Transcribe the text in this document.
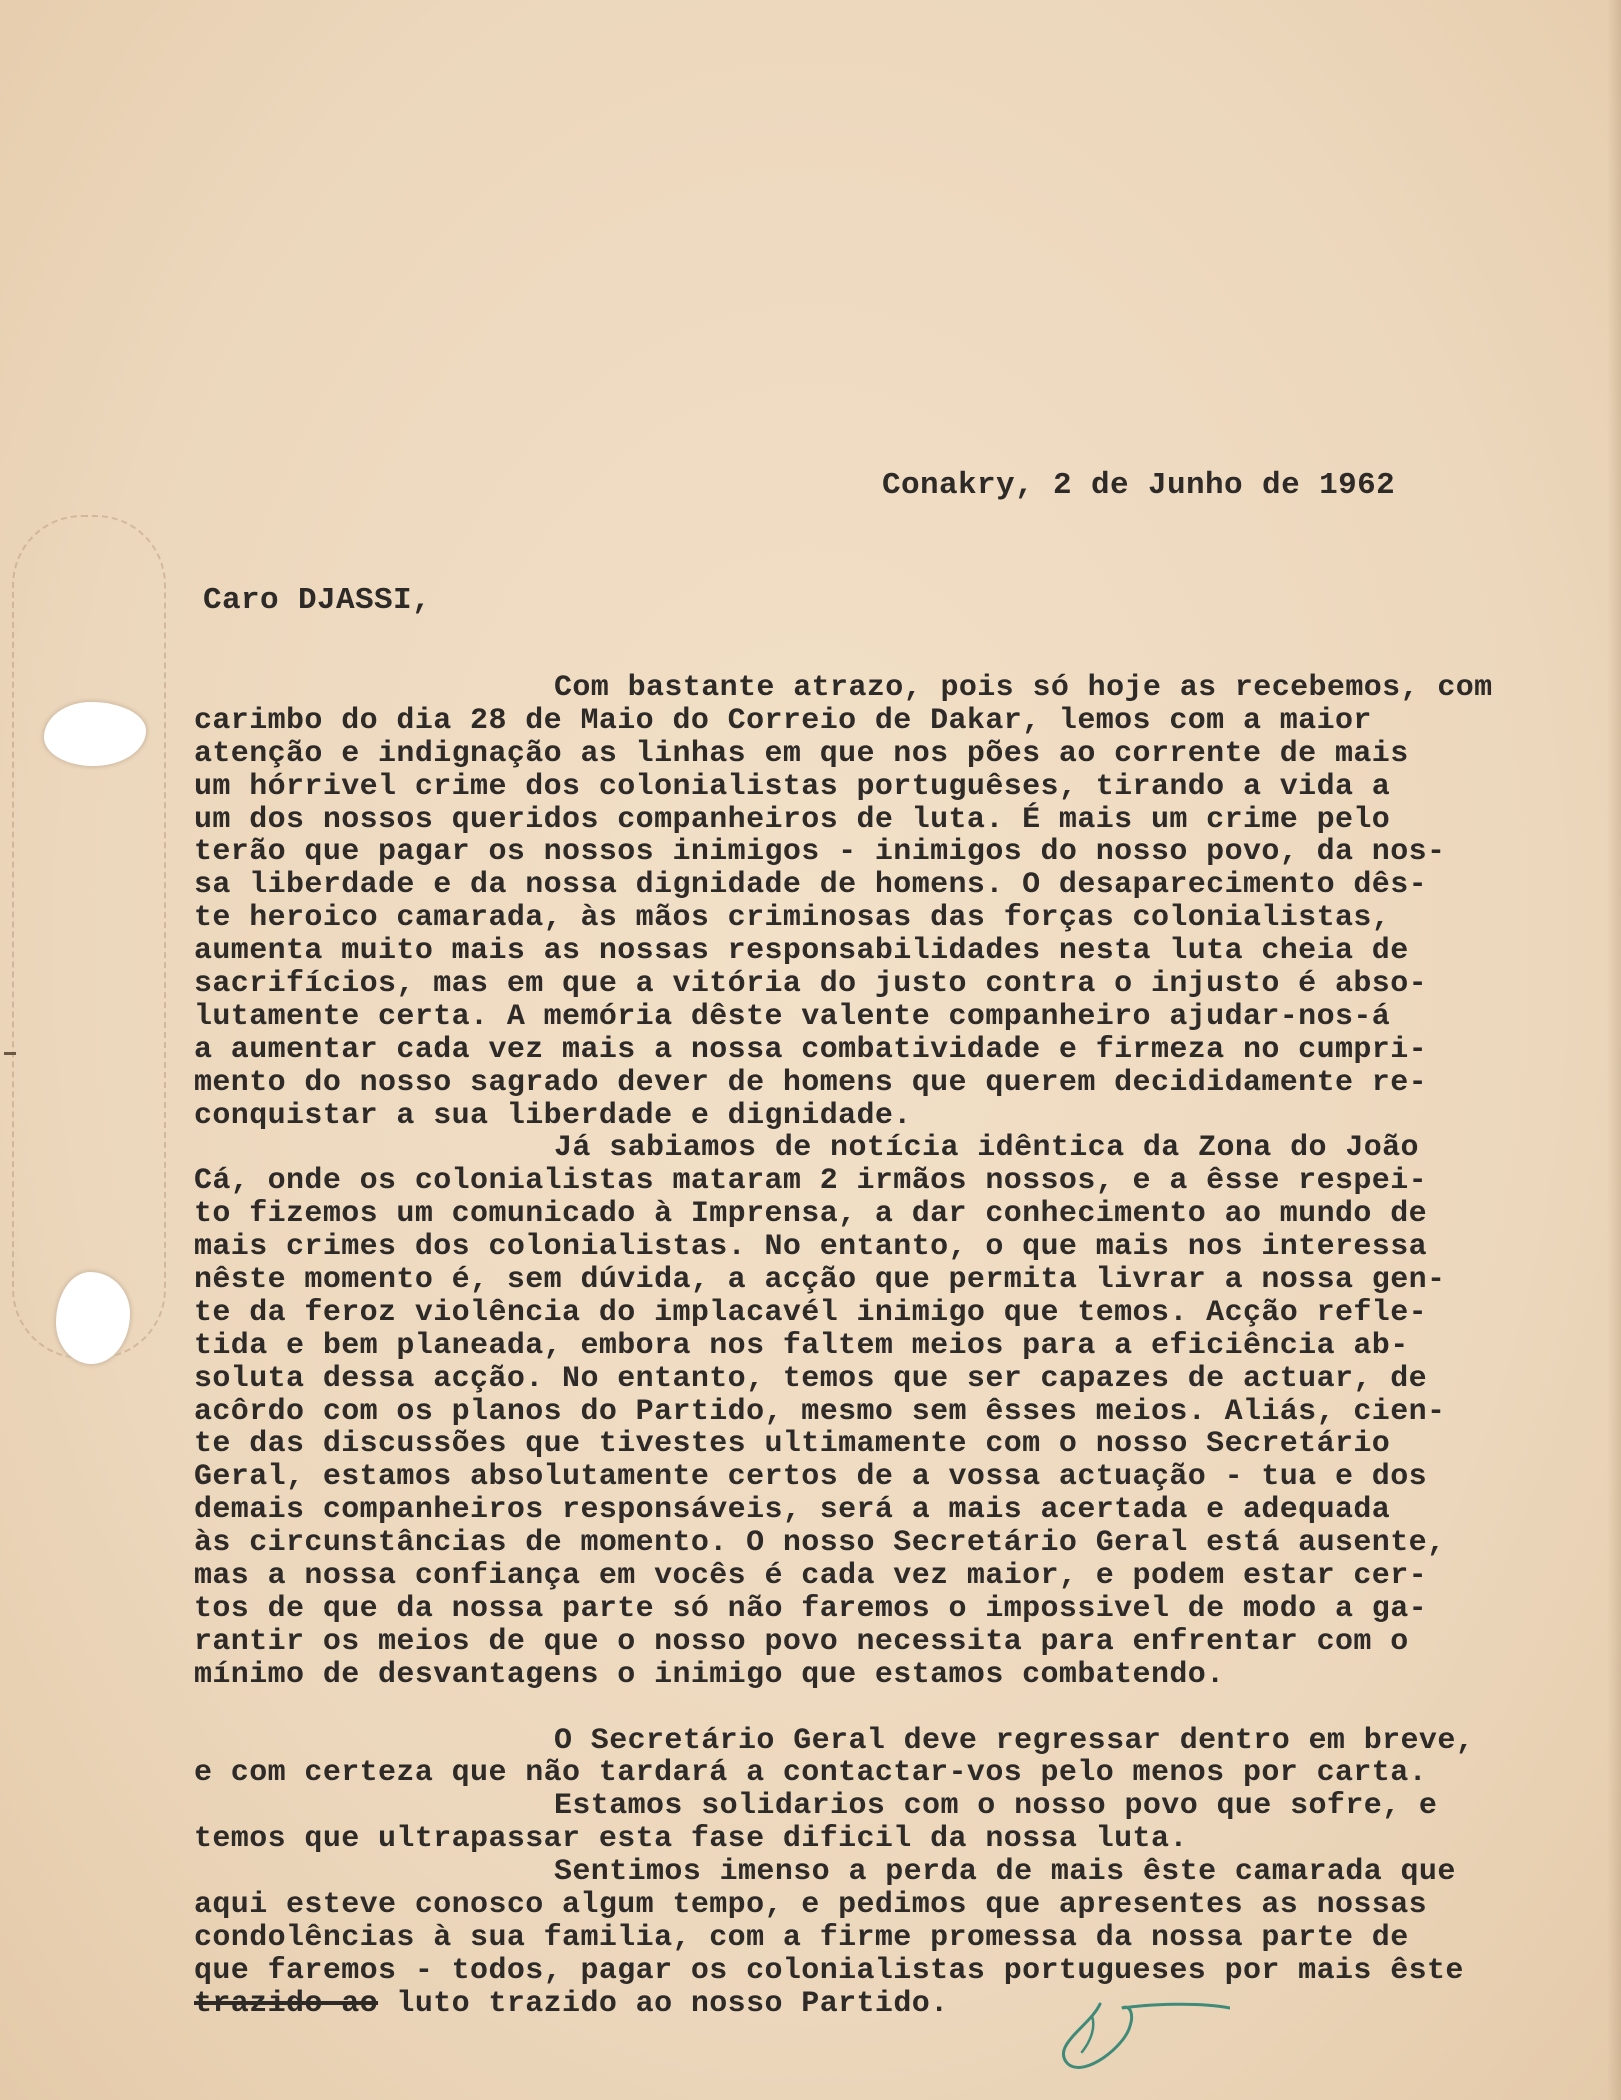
Conakry, 2 de Junho de 1962
Caro DJASSI,
Com bastante atrazo, pois só hoje as recebemos, com
carimbo do dia 28 de Maio do Correio de Dakar, lemos com a maior
atenção e indignação as linhas em que nos pões ao corrente de mais
um hórrivel crime dos colonialistas portuguêses, tirando a vida a
um dos nossos queridos companheiros de luta. É mais um crime pelo
terão que pagar os nossos inimigos - inimigos do nosso povo, da nos-
sa liberdade e da nossa dignidade de homens. O desaparecimento dês-
te heroico camarada, às mãos criminosas das forças colonialistas,
aumenta muito mais as nossas responsabilidades nesta luta cheia de
sacrifícios, mas em que a vitória do justo contra o injusto é abso-
lutamente certa. A memória dêste valente companheiro ajudar-nos-á
a aumentar cada vez mais a nossa combatividade e firmeza no cumpri-
mento do nosso sagrado dever de homens que querem decididamente re-
conquistar a sua liberdade e dignidade.
Já sabiamos de notícia idêntica da Zona do João
Cá, onde os colonialistas mataram 2 irmãos nossos, e a êsse respei-
to fizemos um comunicado à Imprensa, a dar conhecimento ao mundo de
mais crimes dos colonialistas. No entanto, o que mais nos interessa
nêste momento é, sem dúvida, a acção que permita livrar a nossa gen-
te da feroz violência do implacavél inimigo que temos. Acção refle-
tida e bem planeada, embora nos faltem meios para a eficiência ab-
soluta dessa acção. No entanto, temos que ser capazes de actuar, de
acôrdo com os planos do Partido, mesmo sem êsses meios. Aliás, cien-
te das discussões que tivestes ultimamente com o nosso Secretário
Geral, estamos absolutamente certos de a vossa actuação - tua e dos
demais companheiros responsáveis, será a mais acertada e adequada
às circunstâncias de momento. O nosso Secretário Geral está ausente,
mas a nossa confiança em vocês é cada vez maior, e podem estar cer-
tos de que da nossa parte só não faremos o impossivel de modo a ga-
rantir os meios de que o nosso povo necessita para enfrentar com o
mínimo de desvantagens o inimigo que estamos combatendo.

O Secretário Geral deve regressar dentro em breve,
e com certeza que não tardará a contactar-vos pelo menos por carta.
Estamos solidarios com o nosso povo que sofre, e
temos que ultrapassar esta fase dificil da nossa luta.
Sentimos imenso a perda de mais êste camarada que
aqui esteve conosco algum tempo, e pedimos que apresentes as nossas
condolências à sua familia, com a firme promessa da nossa parte de
que faremos - todos, pagar os colonialistas portugueses por mais êste
trazido ao luto trazido ao nosso Partido.
